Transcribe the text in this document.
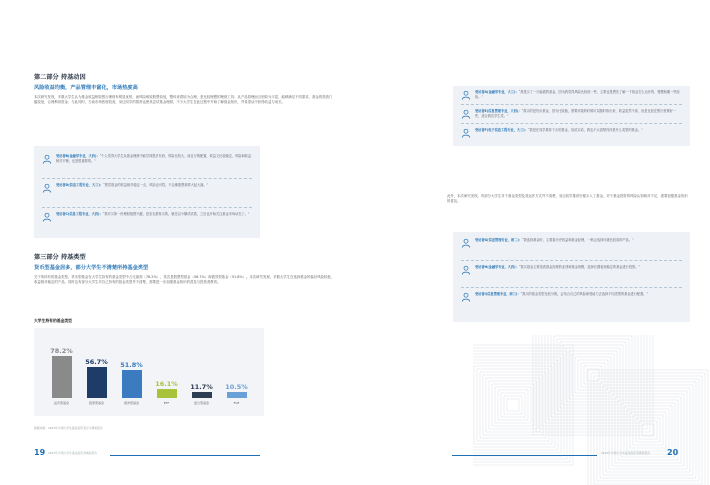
第二部分 持基动因
风险收益均衡，产品管理丰富化，市场热度高

本次研究发现，多数大学生认为基金收益相较银行理财有明显优势，而风险相较股票较低，整体来看较为合理，是比较理想的理财工具；从产品管理而言则较为丰富，能够满足不同需求，基金的投资门槛较低，合理利用资金；与此同时，当前市场热度较高，身边同学的推荐也使其尝试基金理财，不少大学生在此过程中开始了解基金知识，并希望从中获得收益与成长。

受访者B(金融学专业，大四)：“个人觉得大学生从基金理财中能学到很多东西，风险比较大，而且分散配置，收益又比较稳定，风险和收益相对平衡，也是很重要的。”
受访者D(信息工程专业，大三)：“感觉基金的收益相对稳定一点，风险也可控，不会像股票那样大起大落。”
受访者C(信息工程专业，大四)：“我对买第一份理财挺感兴趣，是室友推荐买的，就先以小额试试看，之后也开始关注基金市场动态了。”
第三部分 持基类型
货币型基金居多，部分大学生不清楚所持基金类型

关于所持有的基金类型，货币型基金在大学生持有的基金类型中占比最高（78.2%），其次是股票型基金（56.7%）和债券型基金（51.8%）。本次研究发现，多数大学生在选择基金时偏好风险较低、收益相对稳定的产品，同时也有部分大学生对自己持有的基金类型并不清楚，需要进一步加强基金知识的普及与投资者教育。

大学生持有的基金类型
78.2%
货币型基金
56.7%
股票型基金
51.8%
债券型基金
16.1%
ETF
11.7%
混合型基金
10.5%
FOF
数据来源：2023年中国大学生基金投资者行为调查报告
19 2023年中国大学生基金投资者调查报告
受访者A(金融学专业，大三)：“我是买了一只偏债的基金，因为我觉得风险比较低一些，主要也是想先了解一下基金怎么运作的，慢慢积累一些经验。”
受访者E(信息管理专业，大四)：“我买的是货币基金，因为比较稳，需要用钱的时候可以随时取出来，收益虽然不高，但是比放在银行里要好一些，适合我们学生党。”
受访者F(电子信息工程专业，大三)：“我是在同学推荐下买的基金，但说实话，我也不太清楚具体是什么类型的基金。”

此外，本次研究发现，有部分大学生对于基金类型及其运作方式并不清楚，身边同学推荐后便买入了基金，对于基金投资的风险认知相对不足，需要加强基金知识的普及。

受访者G(信息管理专业，研二)：“我选择基金时，主要看历史收益和基金经理，一般会选择评级比较高的产品。”
受访者H(金融学专业，大四)：“我买基金主要是看基金经理的业绩和基金规模，选择长期表现稳定的基金进行投资。”
受访者I(信息管理专业，研三)：“我买的基金类型比较分散，会结合自己的风险承受能力去选择不同类型的基金进行配置。”
2023年中国大学生基金投资者调查报告 20
